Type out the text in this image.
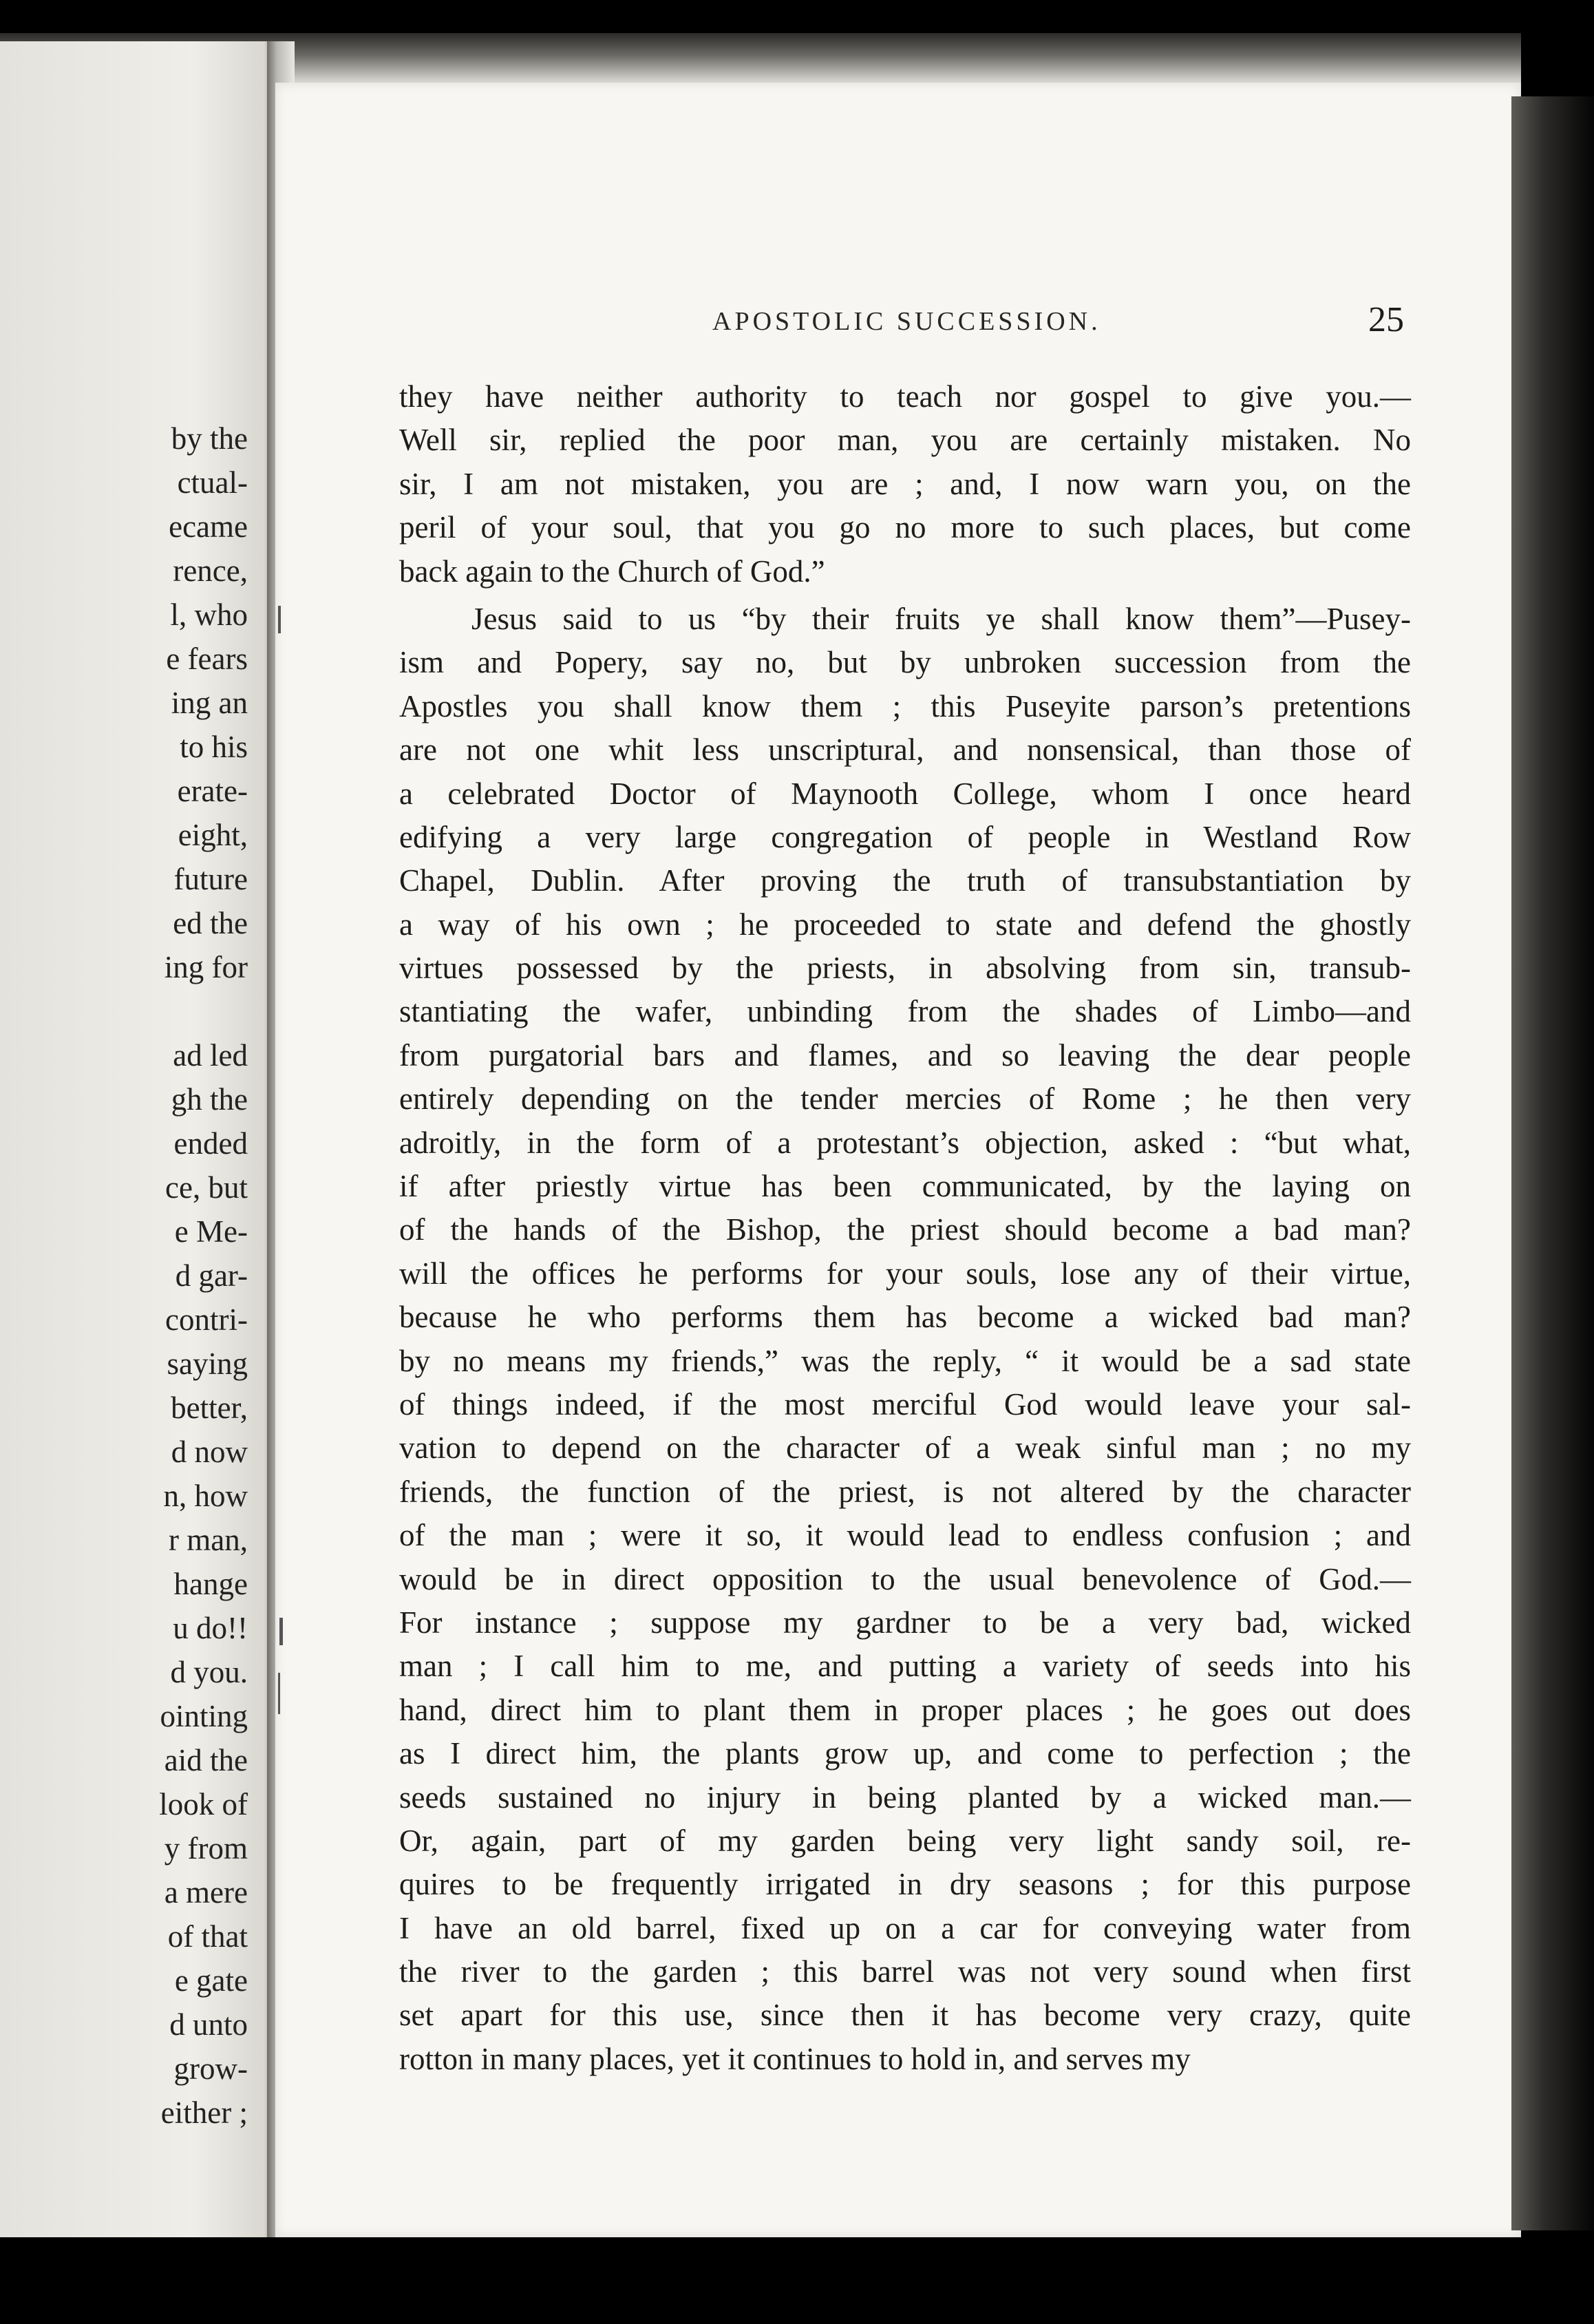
by the
ctual-
ecame
rence,
l, who
e fears
ing an
to his
erate-
eight,
future
ed the
ing for
ad led
gh the
ended
ce, but
e Me-
d gar-
contri-
saying
better,
d now
n, how
r man,
hange
u do!!
d you.
ointing
aid the
look of
y from
a mere
of that
e gate
d unto
grow-
either ;
APOSTOLIC SUCCESSION.	25
they have neither authority to teach nor gospel to give you.—
Well sir, replied the poor man, you are certainly mistaken. No
sir, I am not mistaken, you are ; and, I now warn you, on the
peril of your soul, that you go no more to such places, but come
back again to the Church of God.”
Jesus said to us “by their fruits ye shall know them”—Pusey-
ism and Popery, say no, but by unbroken succession from the
Apostles you shall know them ; this Puseyite parson’s pretentions
are not one whit less unscriptural, and nonsensical, than those of
a celebrated Doctor of Maynooth College, whom I once heard
edifying a very large congregation of people in Westland Row
Chapel, Dublin. After proving the truth of transubstantiation by
a way of his own ; he proceeded to state and defend the ghostly
virtues possessed by the priests, in absolving from sin, transub-
stantiating the wafer, unbinding from the shades of Limbo—and
from purgatorial bars and flames, and so leaving the dear people
entirely depending on the tender mercies of Rome ; he then very
adroitly, in the form of a protestant’s objection, asked : “but what,
if after priestly virtue has been communicated, by the laying on
of the hands of the Bishop, the priest should become a bad man?
will the offices he performs for your souls, lose any of their virtue,
because he who performs them has become a wicked bad man?
by no means my friends,” was the reply, “ it would be a sad state
of things indeed, if the most merciful God would leave your sal-
vation to depend on the character of a weak sinful man ; no my
friends, the function of the priest, is not altered by the character
of the man ; were it so, it would lead to endless confusion ; and
would be in direct opposition to the usual benevolence of God.—
For instance ; suppose my gardner to be a very bad, wicked
man ; I call him to me, and putting a variety of seeds into his
hand, direct him to plant them in proper places ; he goes out does
as I direct him, the plants grow up, and come to perfection ; the
seeds sustained no injury in being planted by a wicked man.—
Or, again, part of my garden being very light sandy soil, re-
quires to be frequently irrigated in dry seasons ; for this purpose
I have an old barrel, fixed up on a car for conveying water from
the river to the garden ; this barrel was not very sound when first
set apart for this use, since then it has become very crazy, quite
rotton in many places, yet it continues to hold in, and serves my
